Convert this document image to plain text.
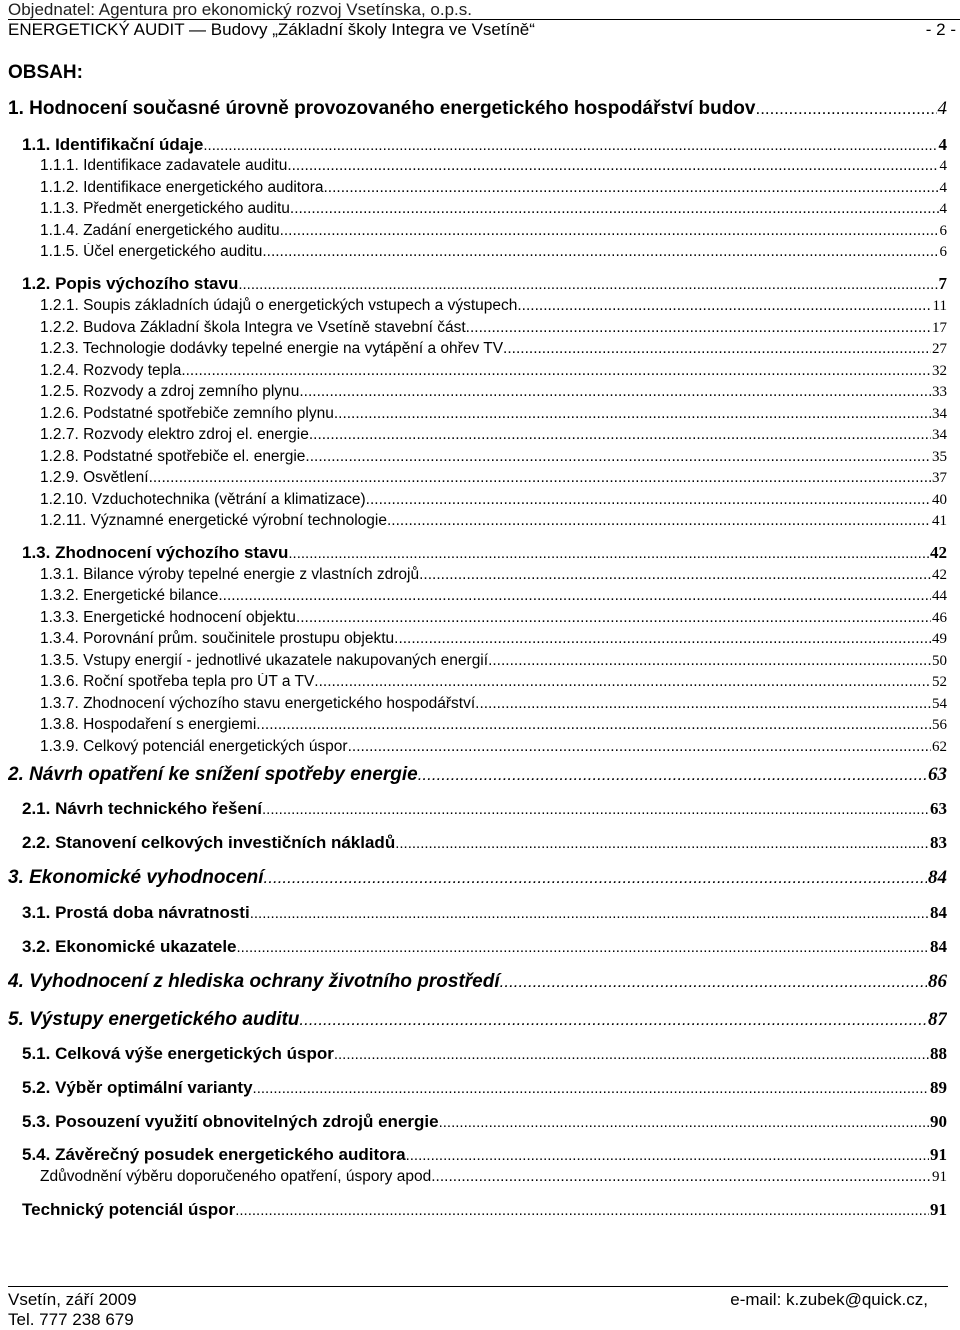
Objednatel: Agentura pro ekonomický rozvoj Vsetínska, o.p.s.
ENERGETICKÝ AUDIT — Budovy „Základní školy Integra ve Vsetíně“	- 2 -
OBSAH:
1. Hodnocení současné úrovně provozovaného energetického hospodářství budov .....	4
1.1. Identifikační údaje .....	4
1.1.1. Identifikace zadavatele auditu .....	4
1.1.2. Identifikace energetického auditora .....	4
1.1.3. Předmět energetického auditu .....	4
1.1.4. Zadání energetického auditu .....	6
1.1.5. Účel energetického auditu .....	6
1.2. Popis výchozího stavu .....	7
1.2.1. Soupis základních údajů o energetických vstupech a výstupech .....	11
1.2.2. Budova Základní škola Integra ve Vsetíně stavební část .....	17
1.2.3. Technologie dodávky tepelné energie na vytápění a ohřev TV .....	27
1.2.4. Rozvody tepla .....	32
1.2.5. Rozvody a zdroj zemního plynu .....	33
1.2.6. Podstatné spotřebiče zemního plynu .....	34
1.2.7. Rozvody elektro zdroj el. energie .....	34
1.2.8. Podstatné spotřebiče el. energie .....	35
1.2.9. Osvětlení .....	37
1.2.10. Vzduchotechnika (větrání a klimatizace) .....	40
1.2.11. Významné energetické výrobní technologie .....	41
1.3. Zhodnocení výchozího stavu .....	42
1.3.1. Bilance výroby tepelné energie z vlastních zdrojů .....	42
1.3.2. Energetické bilance .....	44
1.3.3. Energetické hodnocení objektu .....	46
1.3.4. Porovnání prům. součinitele prostupu objektu .....	49
1.3.5. Vstupy energií - jednotlivé ukazatele nakupovaných energií .....	50
1.3.6. Roční spotřeba tepla pro ÚT a TV .....	52
1.3.7. Zhodnocení výchozího stavu energetického hospodářství .....	54
1.3.8. Hospodaření s energiemi .....	56
1.3.9. Celkový potenciál energetických úspor .....	62
2. Návrh opatření ke snížení spotřeby energie .....	63
2.1. Návrh technického řešení .....	63
2.2. Stanovení celkových investičních nákladů .....	83
3. Ekonomické vyhodnocení .....	84
3.1. Prostá doba návratnosti .....	84
3.2. Ekonomické ukazatele .....	84
4. Vyhodnocení z hlediska ochrany životního prostředí .....	86
5. Výstupy energetického auditu .....	87
5.1. Celková výše energetických úspor .....	88
5.2. Výběr optimální varianty .....	89
5.3. Posouzení využití obnovitelných zdrojů energie .....	90
5.4. Závěrečný posudek energetického auditora .....	91
Zdůvodnění výběru doporučeného opatření, úspory apod. .....	91
Technický potenciál úspor .....	91
Vsetín, září 2009
Tel. 777 238 679
e-mail: k.zubek@quick.cz,
